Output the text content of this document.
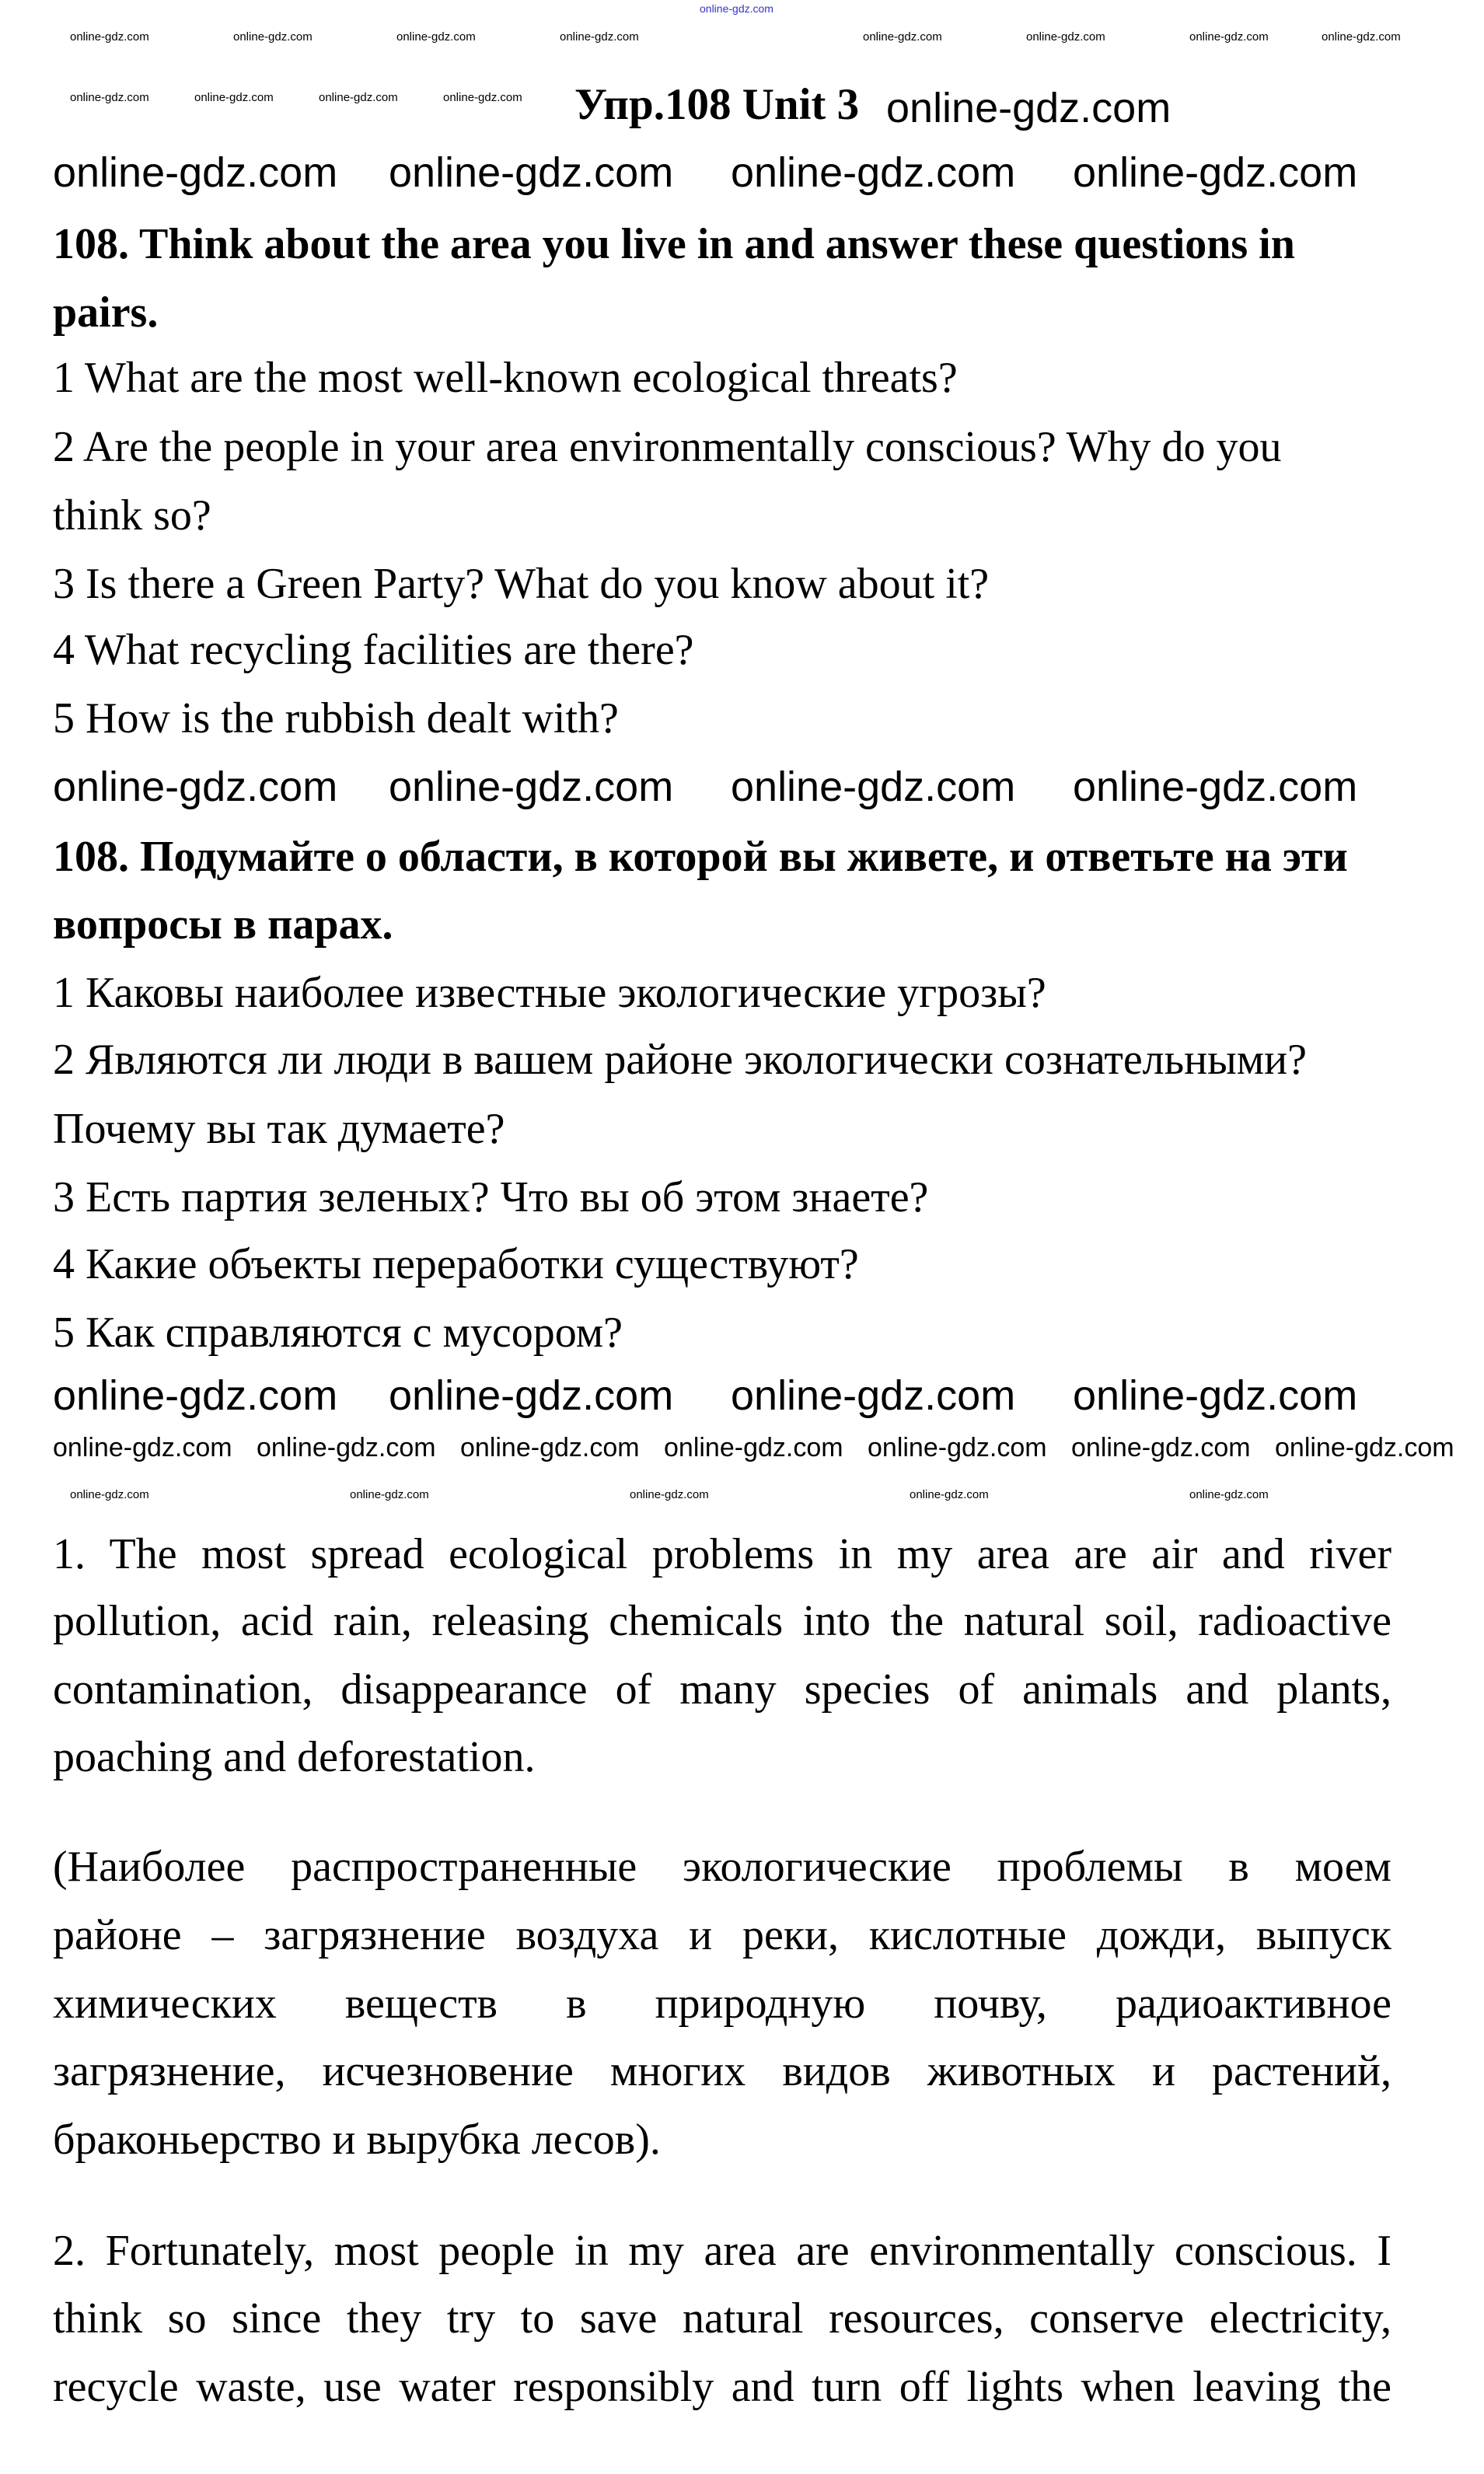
Упр.108 Unit 3
108. Think about the area you live in and answer these questions in
pairs.
1 What are the most well-known ecological threats?
2 Are the people in your area environmentally conscious? Why do you
think so?
3 Is there a Green Party? What do you know about it?
4 What recycling facilities are there?
5 How is the rubbish dealt with?
108. Подумайте о области, в которой вы живете, и ответьте на эти
вопросы в парах.
1 Каковы наиболее известные экологические угрозы?
2 Являются ли люди в вашем районе экологически сознательными?
Почему вы так думаете?
3 Есть партия зеленых? Что вы об этом знаете?
4 Какие объекты переработки существуют?
5 Как справляются с мусором?
1. The most spread ecological problems in my area are air and river
pollution, acid rain, releasing chemicals into the natural soil, radioactive
contamination, disappearance of many species of animals and plants,
poaching and deforestation.
(Наиболее распространенные экологические проблемы в моем
районе – загрязнение воздуха и реки, кислотные дожди, выпуск
химических веществ в природную почву, радиоактивное
загрязнение, исчезновение многих видов животных и растений,
браконьерство и вырубка лесов).
2. Fortunately, most people in my area are environmentally conscious. I
think so since they try to save natural resources, conserve electricity,
recycle waste, use water responsibly and turn off lights when leaving the
online-gdz.com
online-gdz.com	online-gdz.com	online-gdz.com	online-gdz.com	online-gdz.com	online-gdz.com	online-gdz.com	online-gdz.com
online-gdz.com	online-gdz.com	online-gdz.com	online-gdz.com	online-gdz.com
online-gdz.com online-gdz.com online-gdz.com online-gdz.com
online-gdz.com online-gdz.com online-gdz.com online-gdz.com
online-gdz.com online-gdz.com online-gdz.com online-gdz.com
online-gdz.com online-gdz.com online-gdz.com online-gdz.com online-gdz.com online-gdz.com online-gdz.com
online-gdz.com	online-gdz.com	online-gdz.com	online-gdz.com	online-gdz.com
